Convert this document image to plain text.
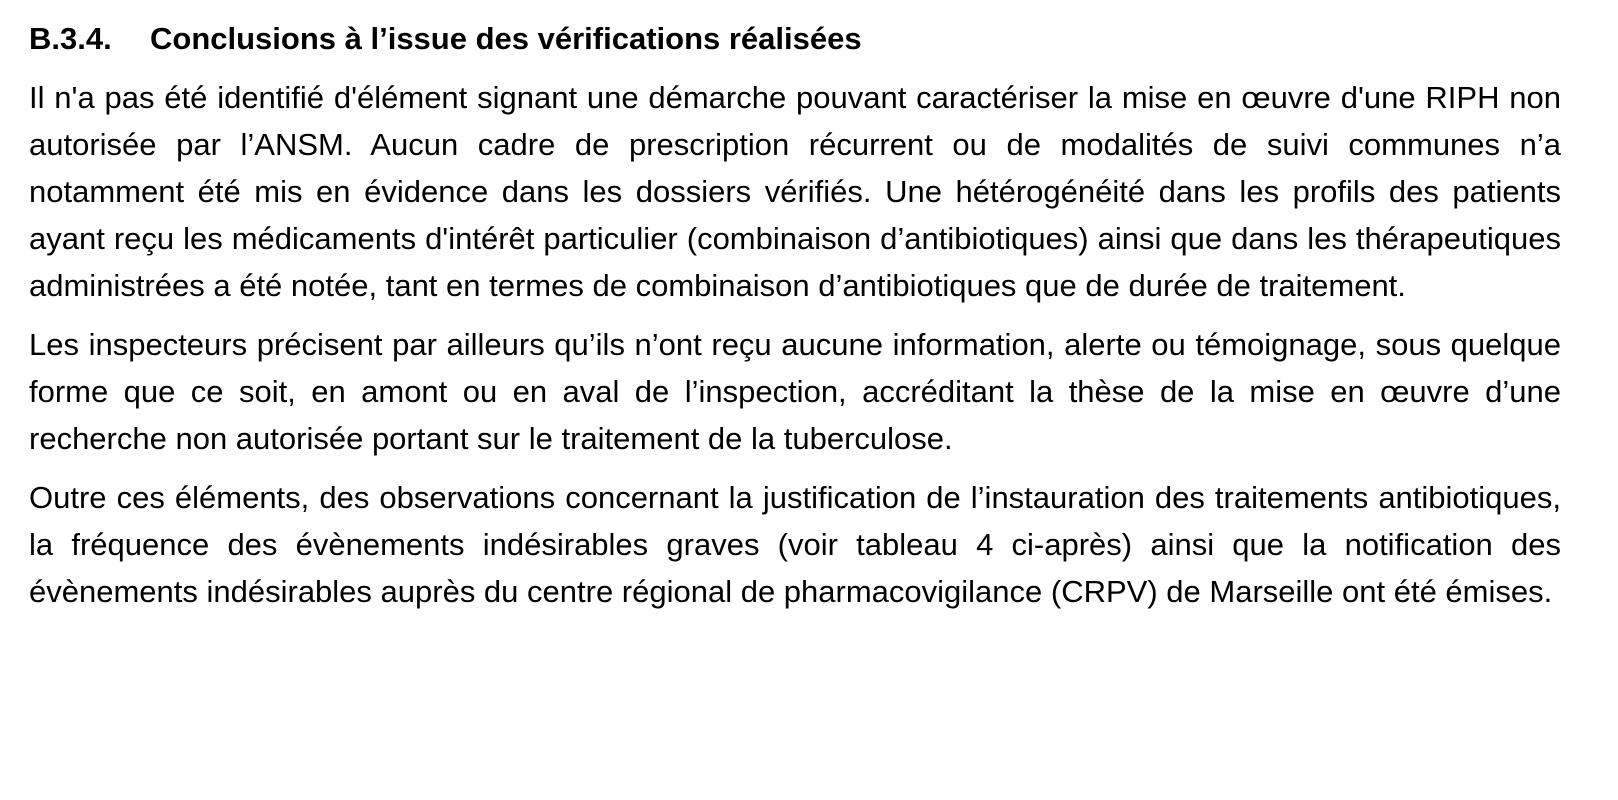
B.3.4.	Conclusions à l’issue des vérifications réalisées

Il n'a pas été identifié d'élément signant une démarche pouvant caractériser la mise en œuvre d'une RIPH non autorisée par l’ANSM. Aucun cadre de prescription récurrent ou de modalités de suivi communes n’a notamment été mis en évidence dans les dossiers vérifiés. Une hétérogénéité dans les profils des patients ayant reçu les médicaments d'intérêt particulier (combinaison d’antibiotiques) ainsi que dans les thérapeutiques administrées a été notée, tant en termes de combinaison d’antibiotiques que de durée de traitement.

Les inspecteurs précisent par ailleurs qu’ils n’ont reçu aucune information, alerte ou témoignage, sous quelque forme que ce soit, en amont ou en aval de l’inspection, accréditant la thèse de la mise en œuvre d’une recherche non autorisée portant sur le traitement de la tuberculose.

Outre ces éléments, des observations concernant la justification de l’instauration des traitements antibiotiques, la fréquence des évènements indésirables graves (voir tableau 4 ci-après) ainsi que la notification des évènements indésirables auprès du centre régional de pharmacovigilance (CRPV) de Marseille ont été émises.
